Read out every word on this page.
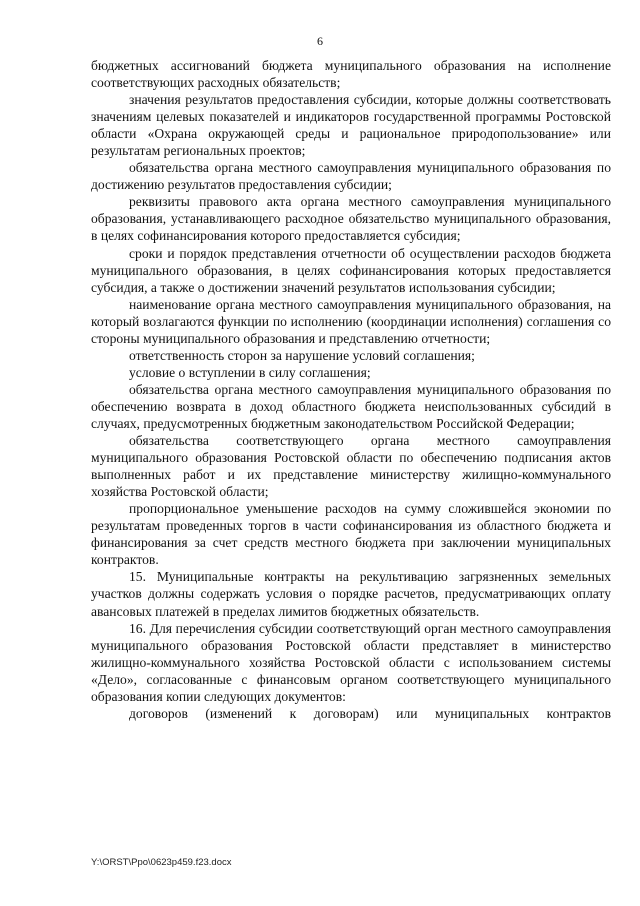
6

бюджетных ассигнований бюджета муниципального образования на исполнение соответствующих расходных обязательств;

значения результатов предоставления субсидии, которые должны соответствовать значениям целевых показателей и индикаторов государственной программы Ростовской области «Охрана окружающей среды и рациональное природопользование» или результатам региональных проектов;

обязательства органа местного самоуправления муниципального образования по достижению результатов предоставления субсидии;

реквизиты правового акта органа местного самоуправления муниципального образования, устанавливающего расходное обязательство муниципального образования, в целях софинансирования которого предоставляется субсидия;

сроки и порядок представления отчетности об осуществлении расходов бюджета муниципального образования, в целях софинансирования которых предоставляется субсидия, а также о достижении значений результатов использования субсидии;

наименование органа местного самоуправления муниципального образования, на который возлагаются функции по исполнению (координации исполнения) соглашения со стороны муниципального образования и представлению отчетности;

ответственность сторон за нарушение условий соглашения;

условие о вступлении в силу соглашения;

обязательства органа местного самоуправления муниципального образования по обеспечению возврата в доход областного бюджета неиспользованных субсидий в случаях, предусмотренных бюджетным законодательством Российской Федерации;

обязательства соответствующего органа местного самоуправления муниципального образования Ростовской области по обеспечению подписания актов выполненных работ и их представление министерству жилищно-коммунального хозяйства Ростовской области;

пропорциональное уменьшение расходов на сумму сложившейся экономии по результатам проведенных торгов в части софинансирования из областного бюджета и финансирования за счет средств местного бюджета при заключении муниципальных контрактов.

15. Муниципальные контракты на рекультивацию загрязненных земельных участков должны содержать условия о порядке расчетов, предусматривающих оплату авансовых платежей в пределах лимитов бюджетных обязательств.

16. Для перечисления субсидии соответствующий орган местного самоуправления муниципального образования Ростовской области представляет в министерство жилищно-коммунального хозяйства Ростовской области с использованием системы «Дело», согласованные с финансовым органом соответствующего муниципального образования копии следующих документов:

договоров (изменений к договорам) или муниципальных контрактов

Y:\ORST\Ppo\0623p459.f23.docx
